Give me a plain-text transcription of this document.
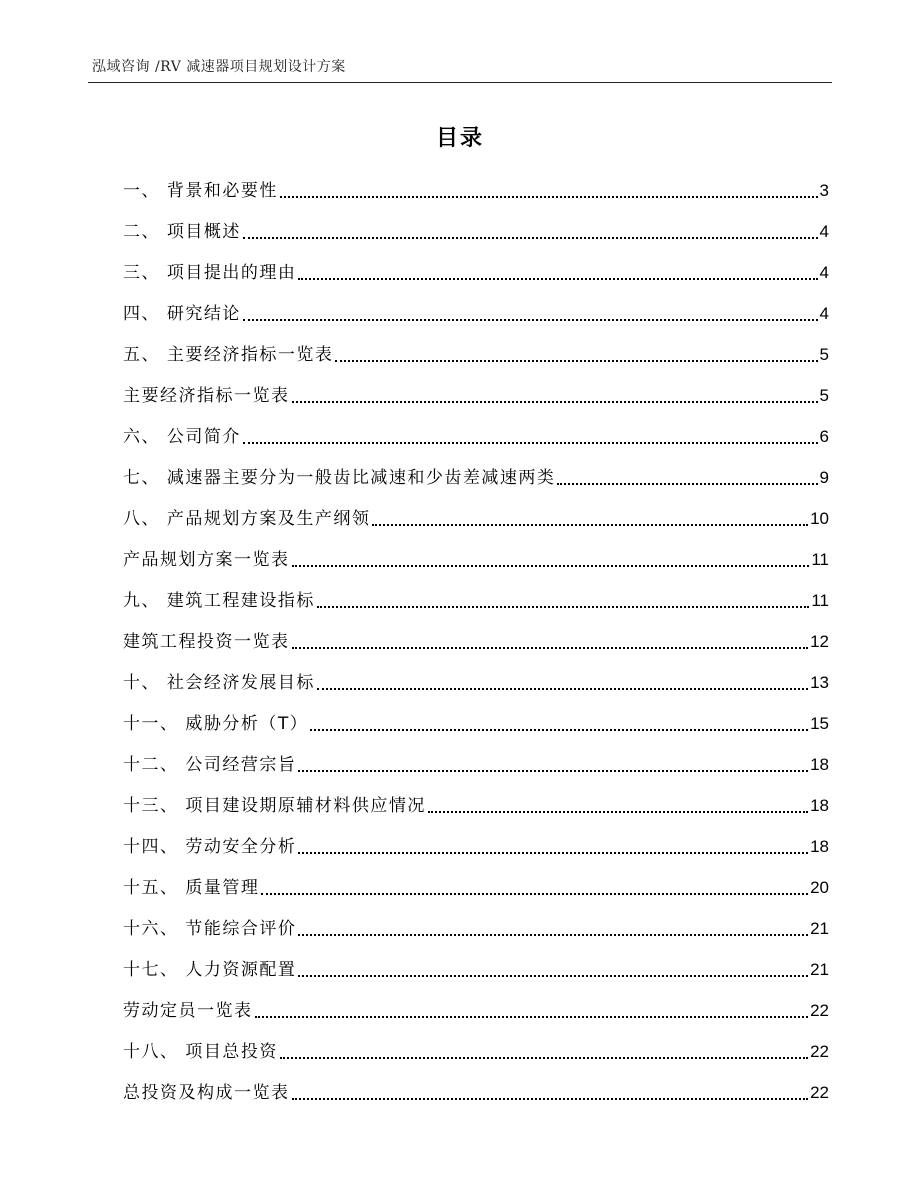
泓域咨询 /RV 减速器项目规划设计方案
目录
一、 背景和必要性	3
二、 项目概述	4
三、 项目提出的理由	4
四、 研究结论	4
五、 主要经济指标一览表	5
主要经济指标一览表	5
六、 公司简介	6
七、 减速器主要分为一般齿比减速和少齿差减速两类	9
八、 产品规划方案及生产纲领	10
产品规划方案一览表	11
九、 建筑工程建设指标	11
建筑工程投资一览表	12
十、 社会经济发展目标	13
十一、 威胁分析（T）	15
十二、 公司经营宗旨	18
十三、 项目建设期原辅材料供应情况	18
十四、 劳动安全分析	18
十五、 质量管理	20
十六、 节能综合评价	21
十七、 人力资源配置	21
劳动定员一览表	22
十八、 项目总投资	22
总投资及构成一览表	22
